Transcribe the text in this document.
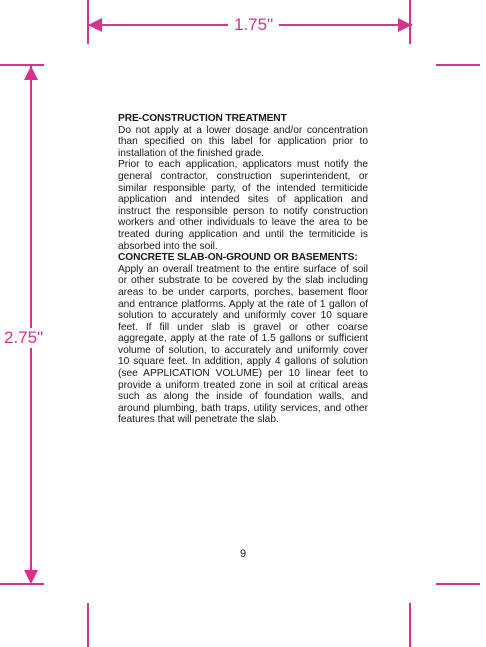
1.75"
2.75"

PRE-CONSTRUCTION TREATMENT

Do not apply at a lower dosage and/or concentration than specified on this label for application prior to installation of the finished grade.

Prior to each application, applicators must notify the general contractor, construction superintendent, or similar responsible party, of the intended termiticide application and intended sites of application and instruct the responsible person to notify construction workers and other individuals to leave the area to be treated during application and until the termiticide is absorbed into the soil.

CONCRETE SLAB-ON-GROUND OR BASEMENTS:

Apply an overall treatment to the entire surface of soil or other substrate to be covered by the slab including areas to be under carports, porches, basement floor and entrance platforms. Apply at the rate of 1 gallon of solution to accurately and uniformly cover 10 square feet. If fill under slab is gravel or other coarse aggregate, apply at the rate of 1.5 gallons or sufficient volume of solution, to accurately and uniformly cover 10 square feet. In addition, apply 4 gallons of solution (see APPLICATION VOLUME) per 10 linear feet to provide a uniform treated zone in soil at critical areas such as along the inside of foundation walls, and around plumbing, bath traps, utility services, and other features that will penetrate the slab.

9
